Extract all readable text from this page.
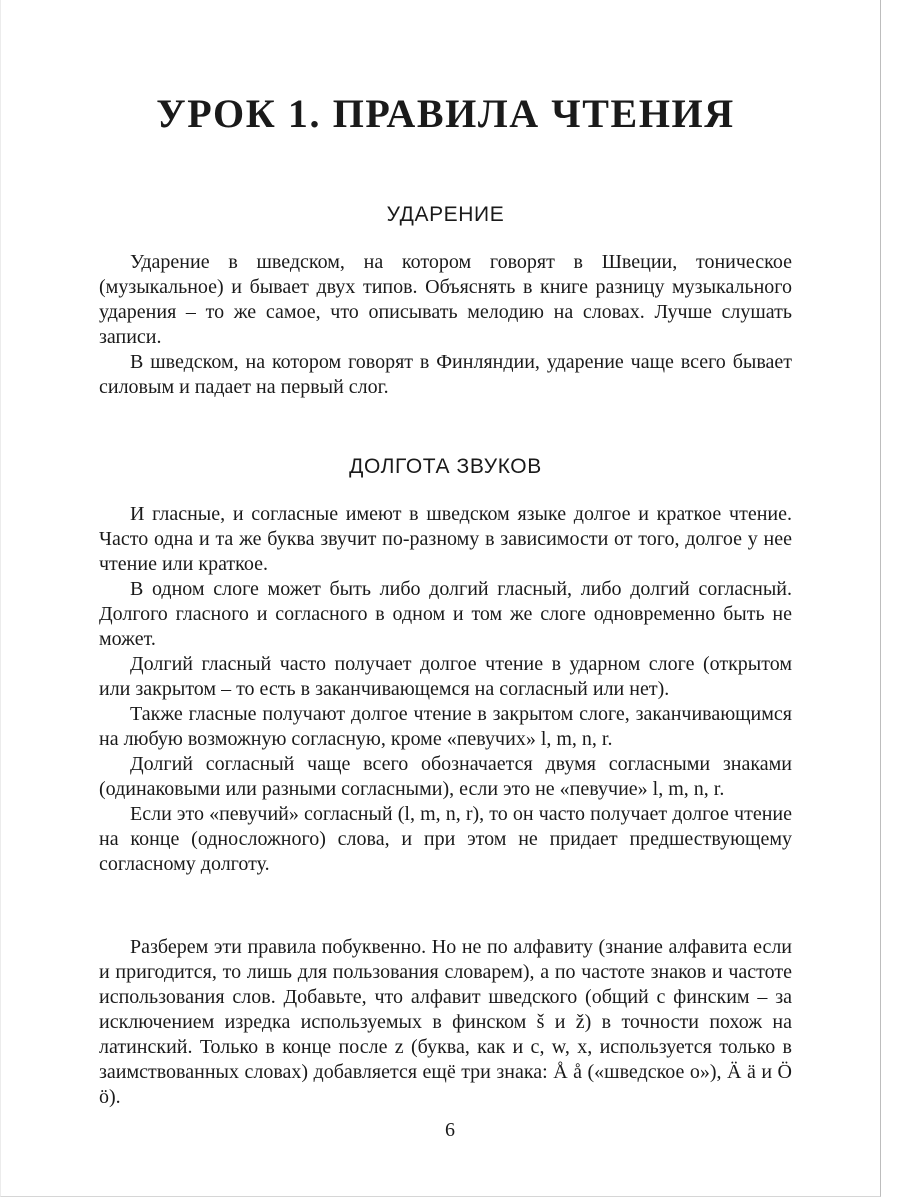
УРОК 1. ПРАВИЛА ЧТЕНИЯ
УДАРЕНИЕ

Ударение в шведском, на котором говорят в Швеции, тоническое (музыкальное) и бывает двух типов. Объяснять в книге разницу музыкального ударения – то же самое, что описывать мелодию на словах. Лучше слушать записи.

В шведском, на котором говорят в Финляндии, ударение чаще всего бывает силовым и падает на первый слог.

ДОЛГОТА ЗВУКОВ

И гласные, и согласные имеют в шведском языке долгое и краткое чтение. Часто одна и та же буква звучит по-разному в зависимости от того, долгое у нее чтение или краткое.

В одном слоге может быть либо долгий гласный, либо долгий согласный. Долгого гласного и согласного в одном и том же слоге одновременно быть не может.

Долгий гласный часто получает долгое чтение в ударном слоге (открытом или закрытом – то есть в заканчивающемся на согласный или нет).

Также гласные получают долгое чтение в закрытом слоге, заканчивающимся на любую возможную согласную, кроме «певучих» l, m, n, r.

Долгий согласный чаще всего обозначается двумя согласными знаками (одинаковыми или разными согласными), если это не «певучие» l, m, n, r.

Если это «певучий» согласный (l, m, n, r), то он часто получает долгое чтение на конце (односложного) слова, и при этом не придает предшествующему согласному долготу.

Разберем эти правила побуквенно. Но не по алфавиту (знание алфавита если и пригодится, то лишь для пользования словарем), а по частоте знаков и частоте использования слов. Добавьте, что алфавит шведского (общий с финским – за исключением изредка используемых в финском š и ž) в точности похож на латинский. Только в конце после z (буква, как и c, w, x, используется только в заимствованных словах) добавляется ещё три знака: Å å («шведское о»), Ä ä и Ö ö).

6
